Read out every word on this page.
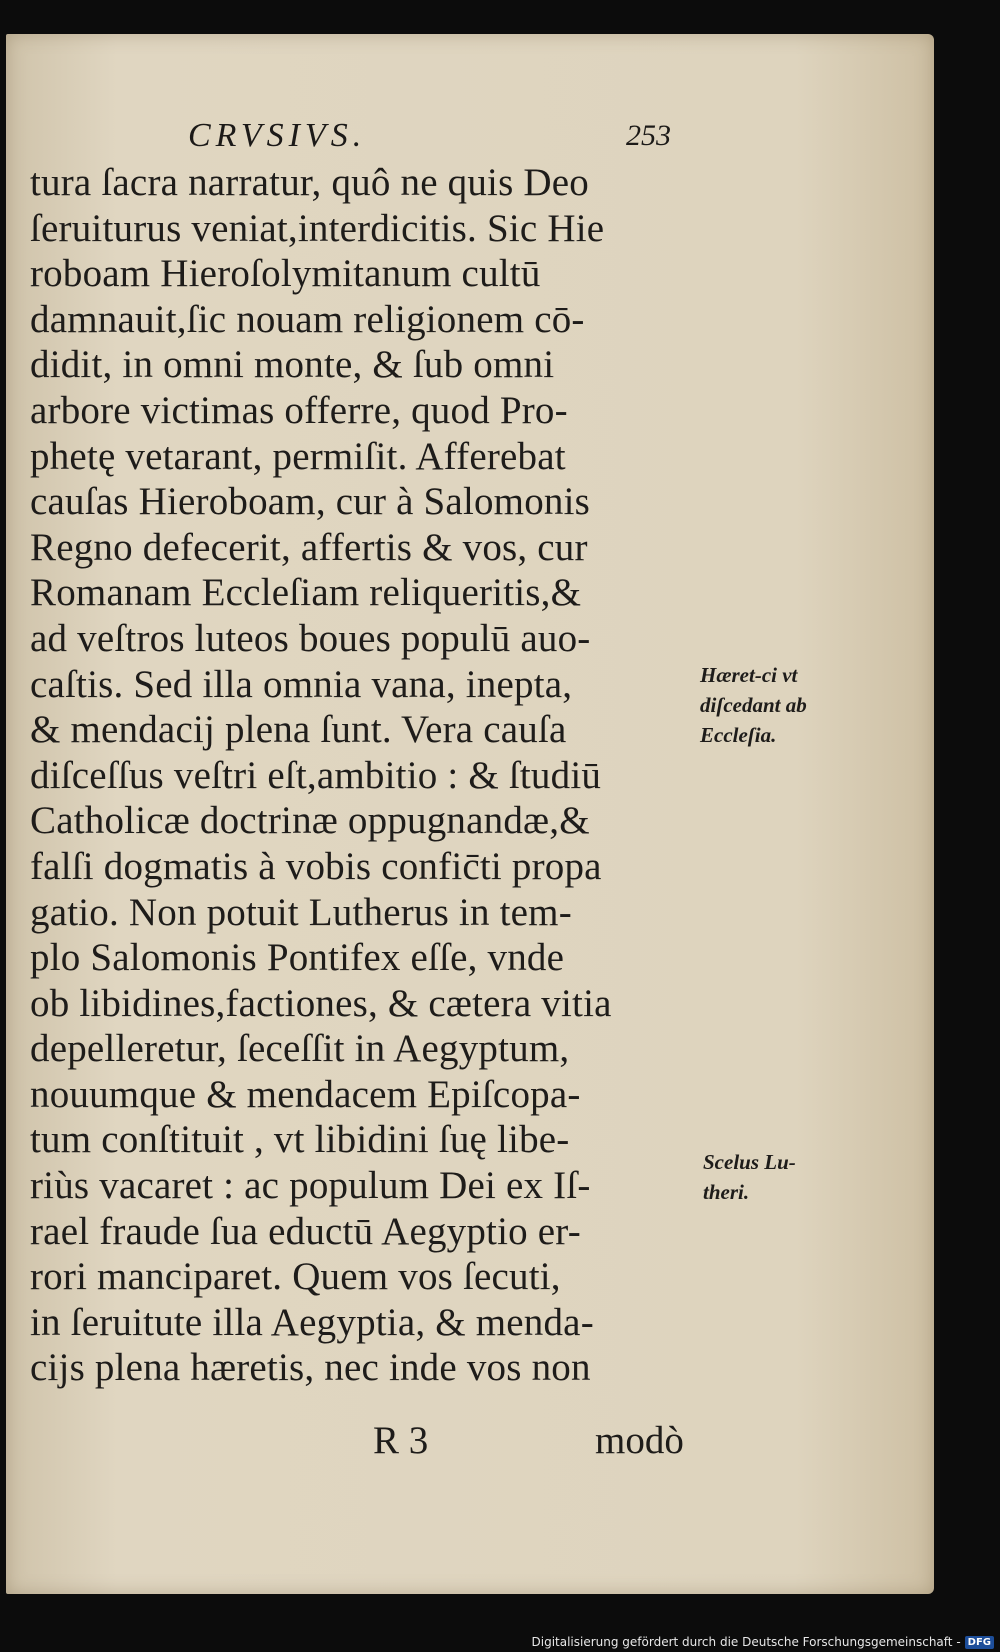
CRVSIVS.	253
tura ſacra narratur, quô ne quis Deo
ſeruiturus veniat,interdicitis. Sic Hie
roboam Hieroſolymitanum cultū
damnauit,ſic nouam religionem cō-
didit, in omni monte, & ſub omni
arbore victimas offerre, quod Pro-
phetę vetarant, permiſit. Afferebat
cauſas Hieroboam, cur à Salomonis
Regno defecerit, affertis & vos, cur
Romanam Eccleſiam reliqueritis,&
ad veſtros luteos boues populū auo-
caſtis. Sed illa omnia vana, inepta,
& mendacij plena ſunt. Vera cauſa
diſceſſus veſtri eſt,ambitio : & ſtudiū
Catholicæ doctrinæ oppugnandæ,&
falſi dogmatis à vobis confic̄ti propa
gatio. Non potuit Lutherus in tem-
plo Salomonis Pontifex eſſe, vnde
ob libidines,factiones, & cætera vitia
depelleretur, ſeceſſit in Aegyptum,
nouumque & mendacem Epiſcopa-
tum conſtituit , vt libidini ſuę libe-
riùs vacaret : ac populum Dei ex Iſ-
rael fraude ſua eductū Aegyptio er-
rori manciparet. Quem vos ſecuti,
in ſeruitute illa Aegyptia, & menda-
cijs plena hæretis, nec inde vos non
Hæret-ci vt
diſcedant ab
Eccleſia.
Scelus Lu-
theri.
R 3	modò
Digitalisierung gefördert durch die Deutsche Forschungsgemeinschaft - DFG
